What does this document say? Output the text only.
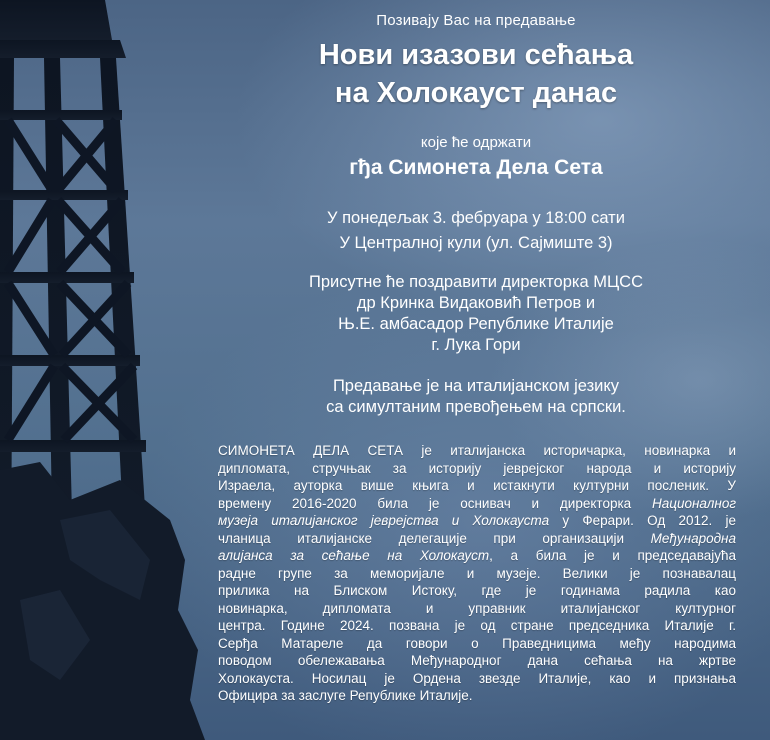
Позивају Вас на предавање
Нови изазови сећања
на Холокауст данас
које ће одржати
гђа Симонета Дела Сета
У понедељак 3. фебруара у 18:00 сати
У Централној кули (ул. Сајмиште 3)
Присутне ће поздравити директорка МЦСС
др Кринка Видаковић Петров и
Њ.Е. амбасадор Републике Италије
г. Лука Гори
Предавање је на италијанском језику
са симултаним превођењем на српски.
СИМОНЕТА ДЕЛА СЕТА је италијанска историчарка, новинарка и
дипломата, стручњак за историју јеврејског народа и историју
Израела, ауторка више књига и истакнути културни посленик. У
времену 2016-2020 била је оснивач и директорка Националног
музеја италијанског јеврејства и Холокауста у Ферари. Од 2012. је
чланица италијанске делегације при организацији Међународна
алијанса за сећање на Холокауст, а била је и председавајућа
радне групе за меморијале и музеје. Велики је познавалац
прилика на Блиском Истоку, где је годинама радила као
новинарка, дипломата и управник италијанског културног
центра. Године 2024. позвана је од стране председника Италије г.
Серђа Матареле да говори о Праведницима међу народима
поводом обележавања Међународног дана сећања на жртве
Холокауста. Носилац је Ордена звезде Италије, као и признања
Официра за заслуге Републике Италије.
